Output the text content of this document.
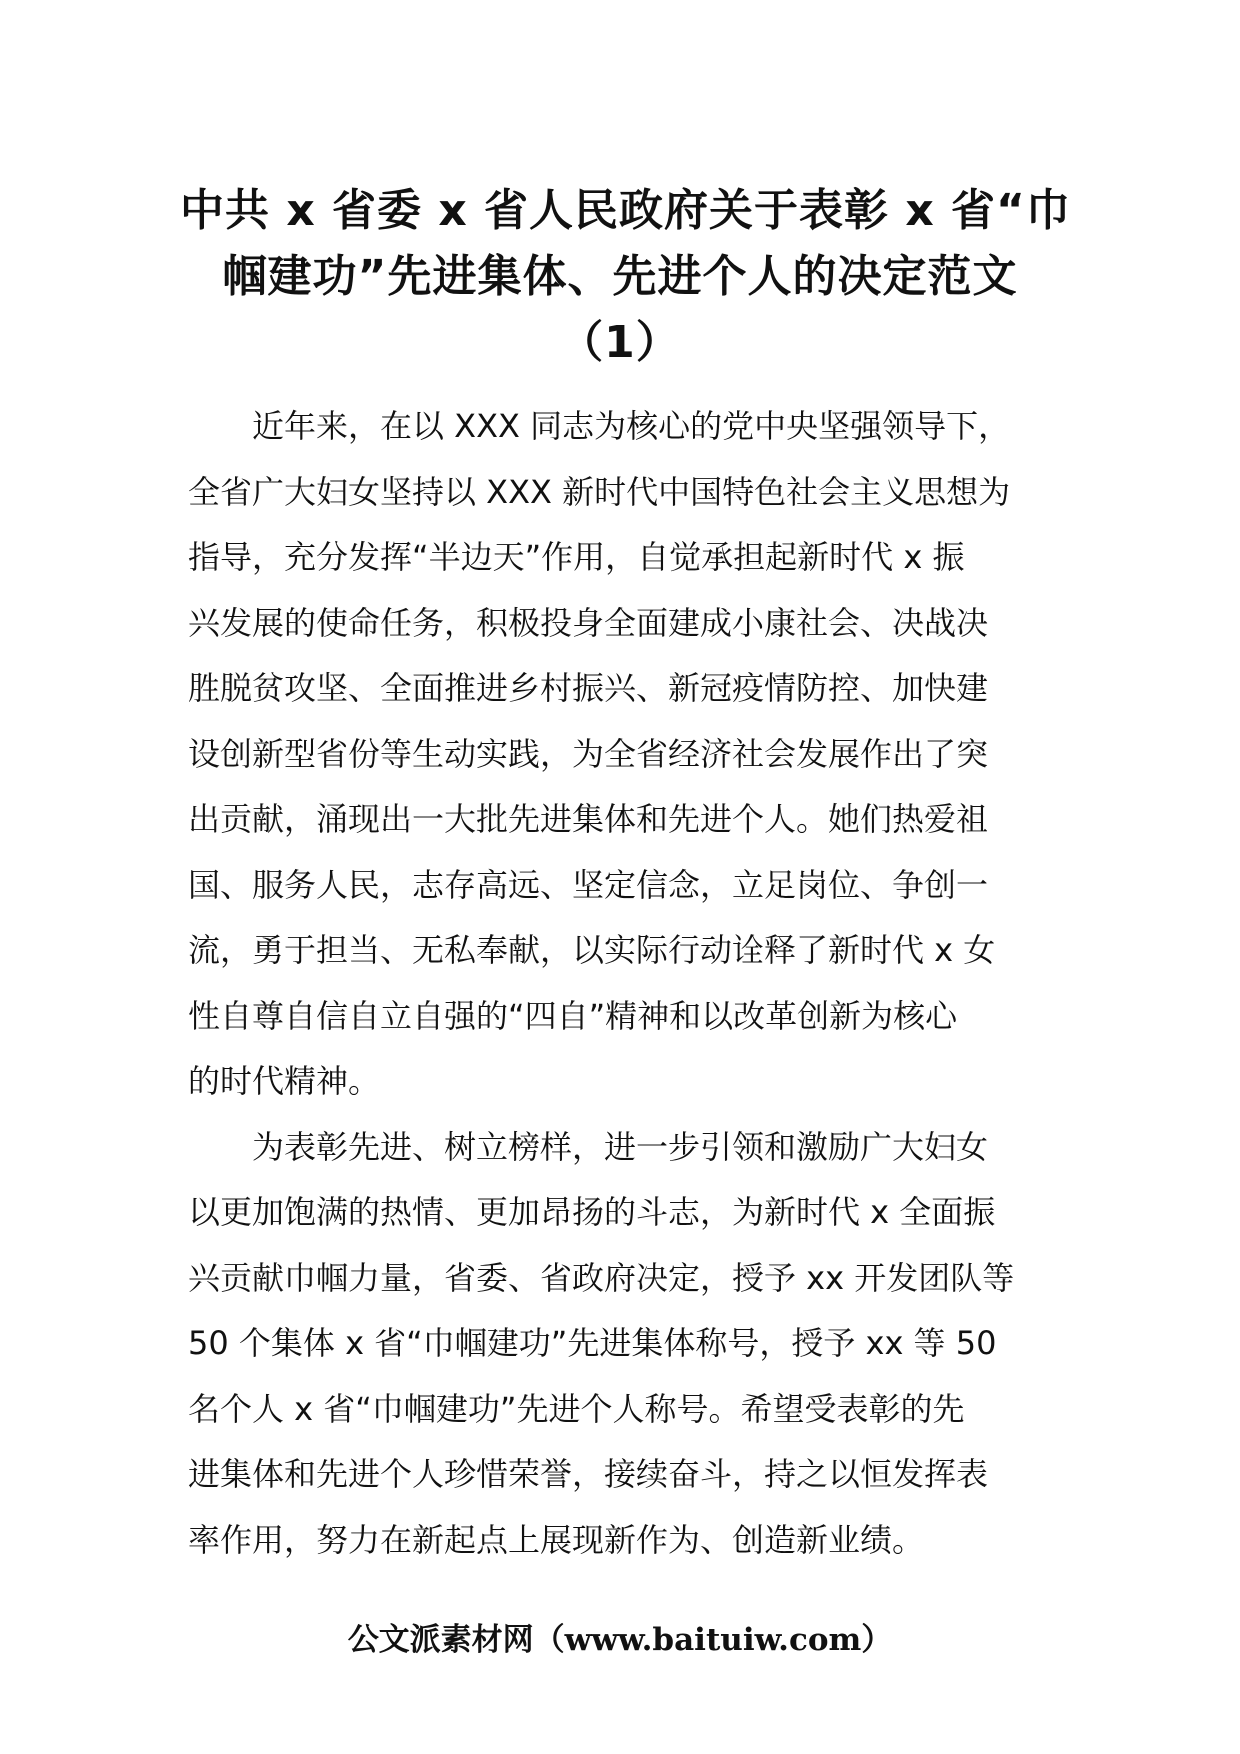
中共 x 省委 x 省人民政府关于表彰 x 省“巾
帼建功”先进集体、先进个人的决定范文
（1）
近年来，在以 XXX 同志为核心的党中央坚强领导下，
全省广大妇女坚持以 XXX 新时代中国特色社会主义思想为
指导，充分发挥“半边天”作用，自觉承担起新时代 x 振
兴发展的使命任务，积极投身全面建成小康社会、决战决
胜脱贫攻坚、全面推进乡村振兴、新冠疫情防控、加快建
设创新型省份等生动实践，为全省经济社会发展作出了突
出贡献，涌现出一大批先进集体和先进个人。她们热爱祖
国、服务人民，志存高远、坚定信念，立足岗位、争创一
流，勇于担当、无私奉献，以实际行动诠释了新时代 x 女
性自尊自信自立自强的“四自”精神和以改革创新为核心
的时代精神。
为表彰先进、树立榜样，进一步引领和激励广大妇女
以更加饱满的热情、更加昂扬的斗志，为新时代 x 全面振
兴贡献巾帼力量，省委、省政府决定，授予 xx 开发团队等
50 个集体 x 省“巾帼建功”先进集体称号，授予 xx 等 50
名个人 x 省“巾帼建功”先进个人称号。希望受表彰的先
进集体和先进个人珍惜荣誉，接续奋斗，持之以恒发挥表
率作用，努力在新起点上展现新作为、创造新业绩。
公文派素材网（www.baituiw.com）
